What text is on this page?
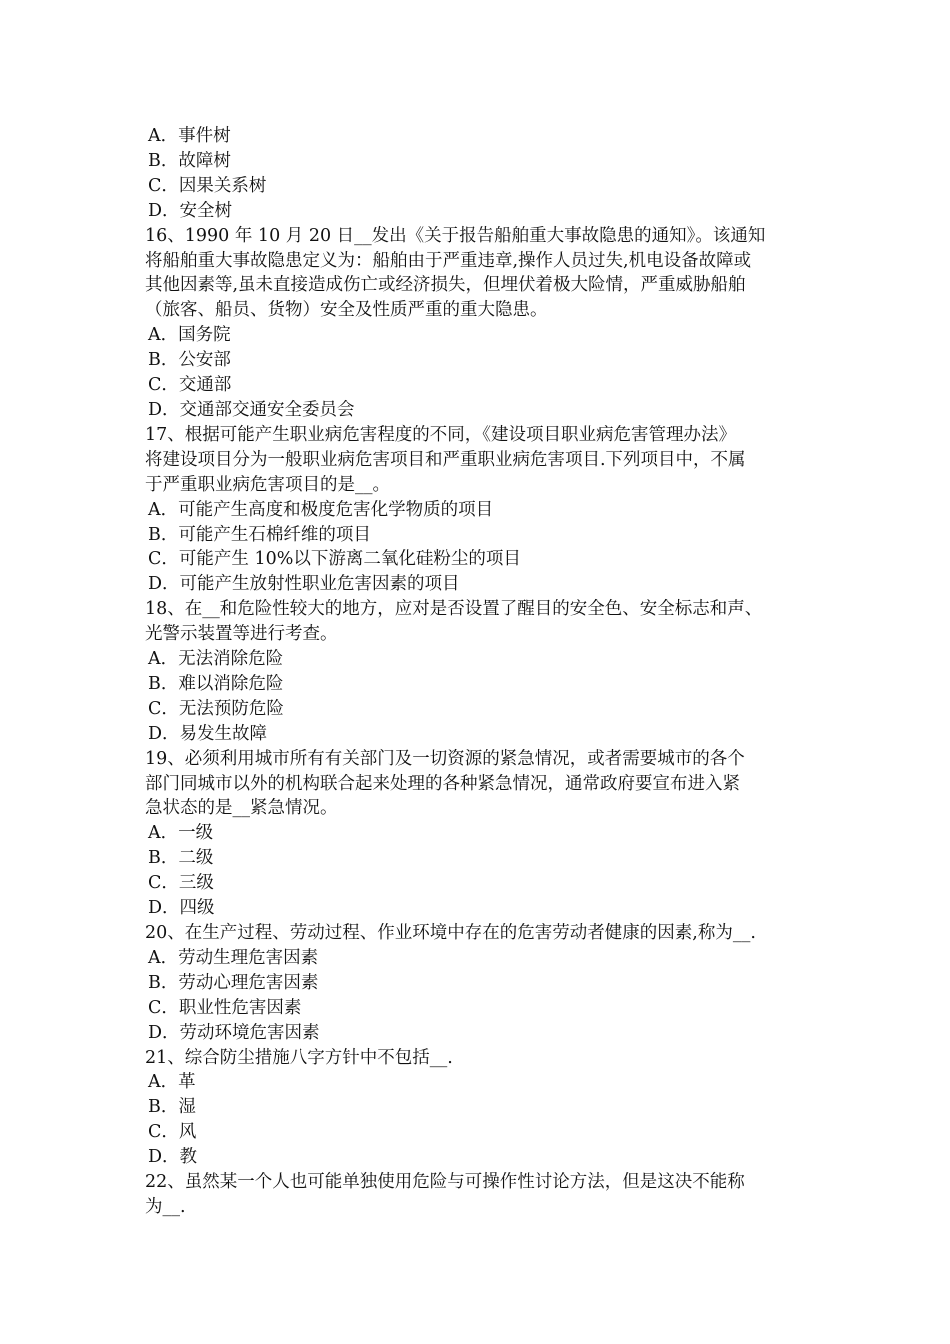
A．事件树
B．故障树
C．因果关系树
D．安全树
16、1990 年 10 月 20 日__发出《关于报告船舶重大事故隐患的通知》。该通知
将船舶重大事故隐患定义为：船舶由于严重违章,操作人员过失,机电设备故障或
其他因素等,虽未直接造成伤亡或经济损失，但埋伏着极大险情，严重威胁船舶
（旅客、船员、货物）安全及性质严重的重大隐患。
A．国务院
B．公安部
C．交通部
D．交通部交通安全委员会
17、根据可能产生职业病危害程度的不同，《建设项目职业病危害管理办法》
将建设项目分为一般职业病危害项目和严重职业病危害项目.下列项目中，不属
于严重职业病危害项目的是__。
A．可能产生高度和极度危害化学物质的项目
B．可能产生石棉纤维的项目
C．可能产生 10%以下游离二氧化硅粉尘的项目
D．可能产生放射性职业危害因素的项目
18、在__和危险性较大的地方，应对是否设置了醒目的安全色、安全标志和声、
光警示装置等进行考查。
A．无法消除危险
B．难以消除危险
C．无法预防危险
D．易发生故障
19、必须利用城市所有有关部门及一切资源的紧急情况，或者需要城市的各个
部门同城市以外的机构联合起来处理的各种紧急情况，通常政府要宣布进入紧
急状态的是__紧急情况。
A．一级
B．二级
C．三级
D．四级
20、在生产过程、劳动过程、作业环境中存在的危害劳动者健康的因素,称为__.
A．劳动生理危害因素
B．劳动心理危害因素
C．职业性危害因素
D．劳动环境危害因素
21、综合防尘措施八字方针中不包括__.
A．革
B．湿
C．风
D．教
22、虽然某一个人也可能单独使用危险与可操作性讨论方法，但是这决不能称
为__.
